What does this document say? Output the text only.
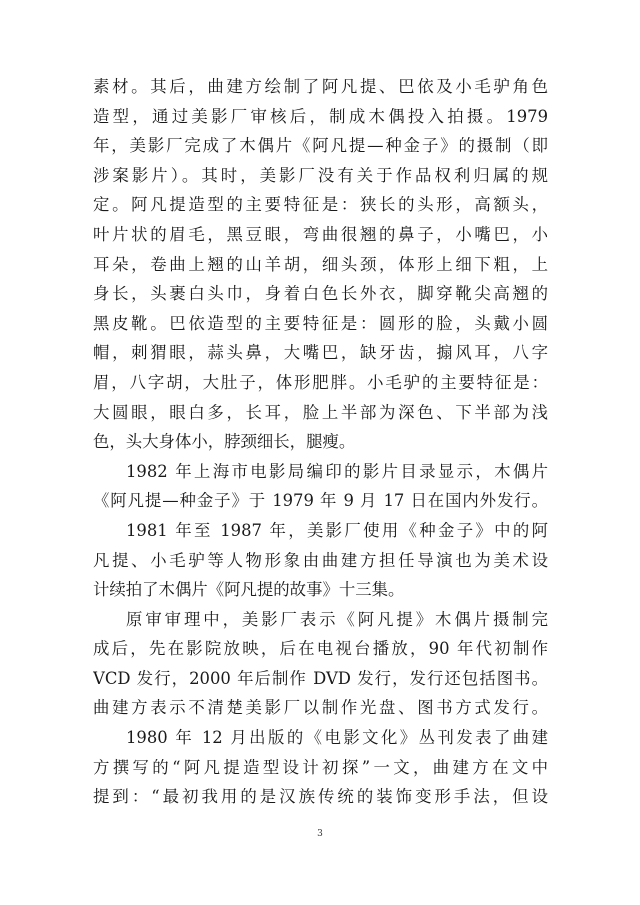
素材。其后，曲建方绘制了阿凡提、巴依及小毛驴角色
造型，通过美影厂审核后，制成木偶投入拍摄。1979
年，美影厂完成了木偶片《阿凡提—种金子》的摄制（即
涉案影片）。其时，美影厂没有关于作品权利归属的规
定。阿凡提造型的主要特征是：狭长的头形，高额头，
叶片状的眉毛，黑豆眼，弯曲很翘的鼻子，小嘴巴，小
耳朵，卷曲上翘的山羊胡，细头颈，体形上细下粗，上
身长，头裹白头巾，身着白色长外衣，脚穿靴尖高翘的
黑皮靴。巴依造型的主要特征是：圆形的脸，头戴小圆
帽，刺猬眼，蒜头鼻，大嘴巴，缺牙齿，搧风耳，八字
眉，八字胡，大肚子，体形肥胖。小毛驴的主要特征是：
大圆眼，眼白多，长耳，脸上半部为深色、下半部为浅
色，头大身体小，脖颈细长，腿瘦。
1982 年上海市电影局编印的影片目录显示，木偶片
《阿凡提—种金子》于 1979 年 9 月 17 日在国内外发行。
1981 年至 1987 年，美影厂使用《种金子》中的阿
凡提、小毛驴等人物形象由曲建方担任导演也为美术设
计续拍了木偶片《阿凡提的故事》十三集。
原审审理中，美影厂表示《阿凡提》木偶片摄制完
成后，先在影院放映，后在电视台播放，90 年代初制作
VCD 发行，2000 年后制作 DVD 发行，发行还包括图书。
曲建方表示不清楚美影厂以制作光盘、图书方式发行。
1980 年 12 月出版的《电影文化》丛刊发表了曲建
方撰写的“阿凡提造型设计初探”一文，曲建方在文中
提到：“最初我用的是汉族传统的装饰变形手法，但设
3
